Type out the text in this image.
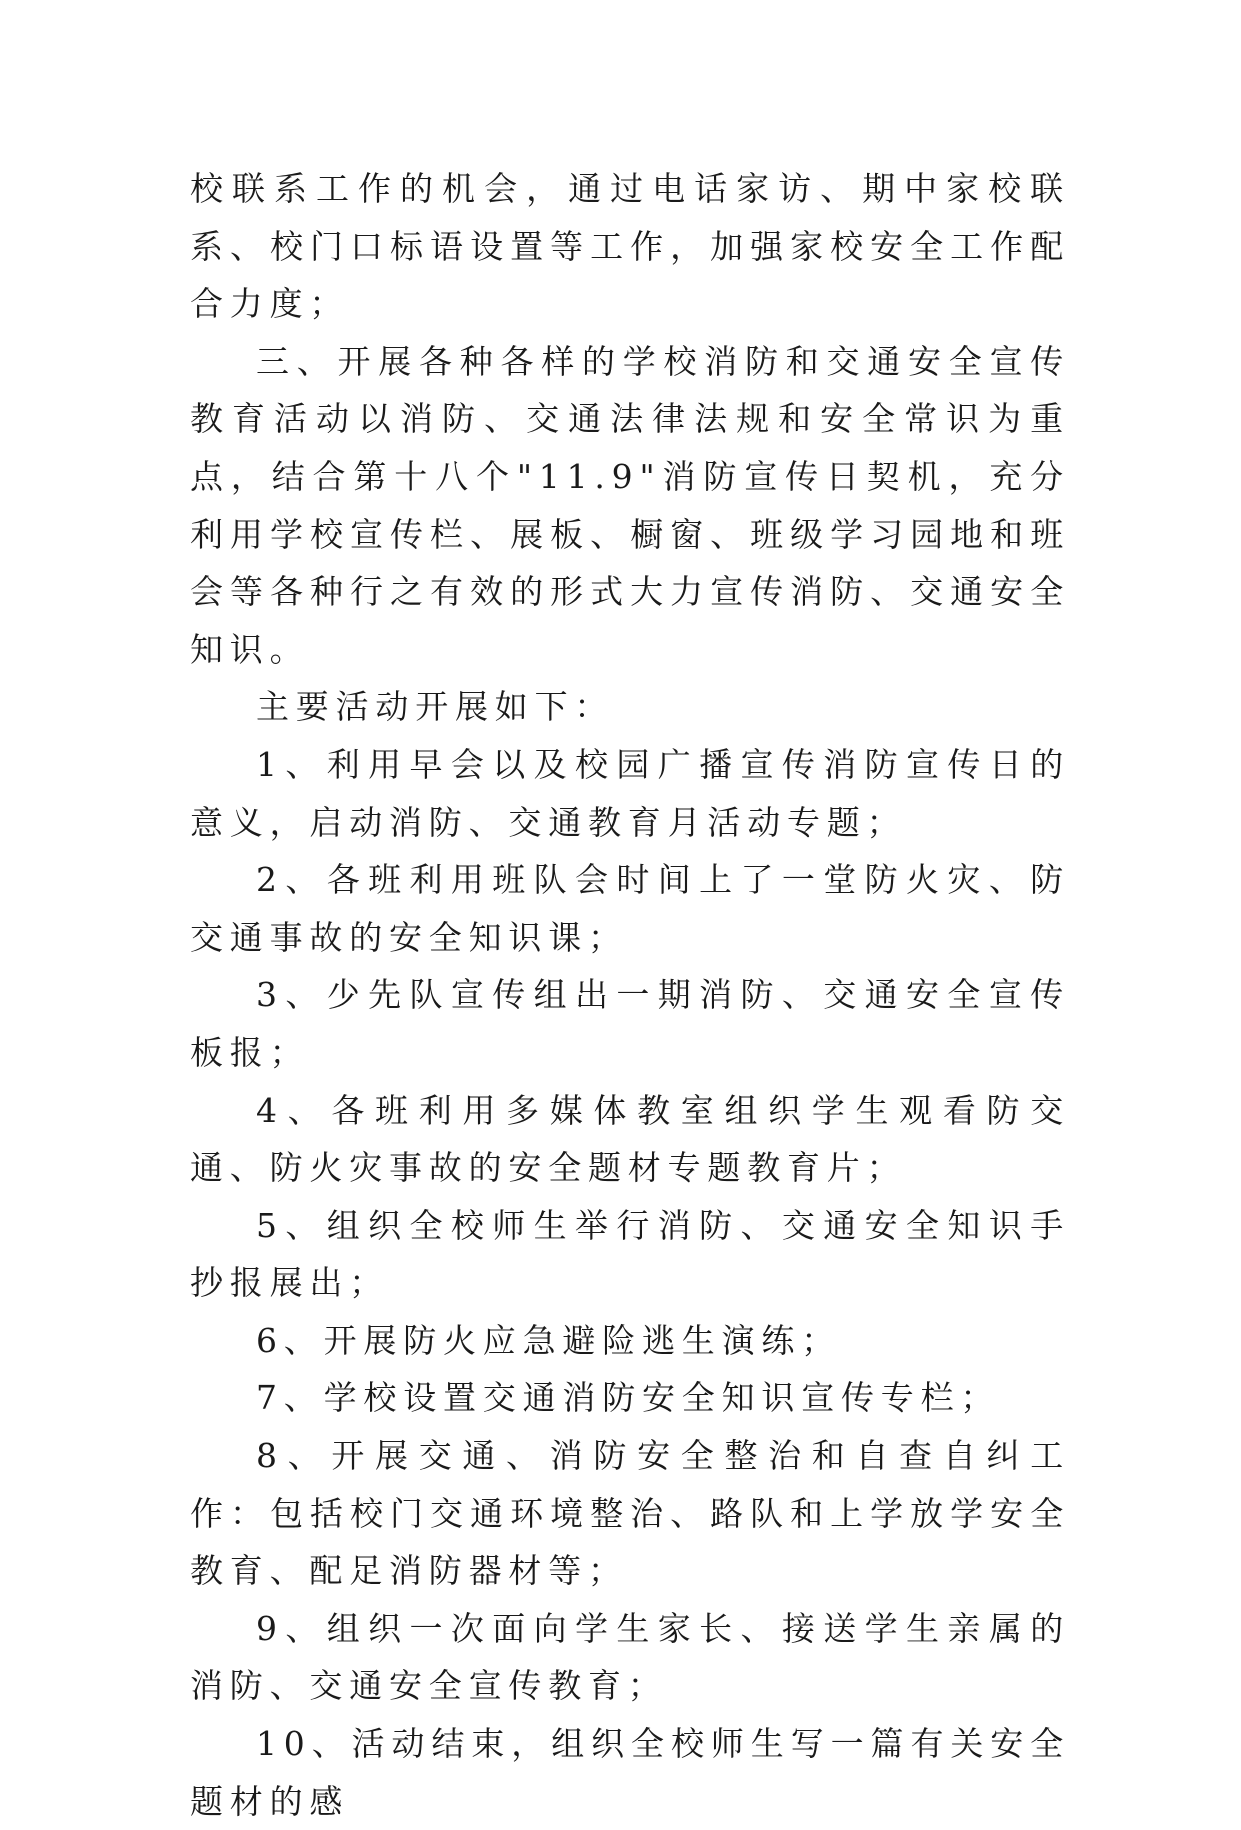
校联系工作的机会，通过电话家访、期中家校联系、校门口标语设置等工作，加强家校安全工作配合力度；

三、开展各种各样的学校消防和交通安全宣传教育活动以消防、交通法律法规和安全常识为重点，结合第十八个"11.9"消防宣传日契机，充分利用学校宣传栏、展板、橱窗、班级学习园地和班会等各种行之有效的形式大力宣传消防、交通安全知识。

主要活动开展如下：

1、利用早会以及校园广播宣传消防宣传日的意义，启动消防、交通教育月活动专题；

2、各班利用班队会时间上了一堂防火灾、防交通事故的安全知识课；

3、少先队宣传组出一期消防、交通安全宣传板报；

4、各班利用多媒体教室组织学生观看防交通、防火灾事故的安全题材专题教育片；

5、组织全校师生举行消防、交通安全知识手抄报展出；

6、开展防火应急避险逃生演练；

7、学校设置交通消防安全知识宣传专栏；

8、开展交通、消防安全整治和自查自纠工作：包括校门交通环境整治、路队和上学放学安全教育、配足消防器材等；

9、组织一次面向学生家长、接送学生亲属的消防、交通安全宣传教育；

10、活动结束，组织全校师生写一篇有关安全题材的感
